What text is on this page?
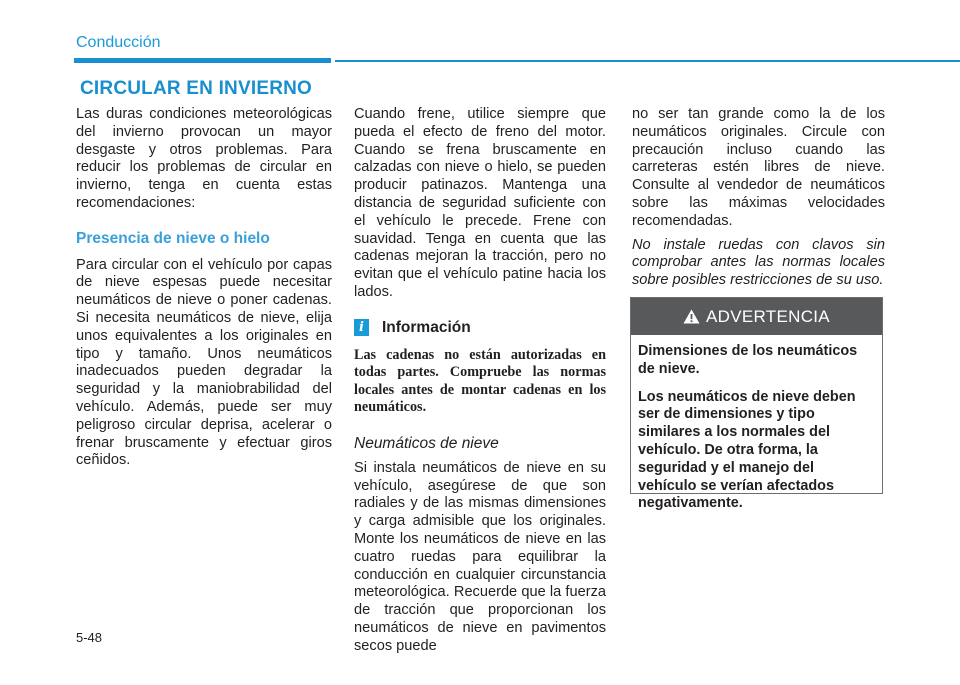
Conducción
CIRCULAR EN INVIERNO

Las duras condiciones meteorológicas del invierno provocan un mayor desgaste y otros problemas. Para reducir los problemas de circular en invierno, tenga en cuenta estas recomendaciones:

Presencia de nieve o hielo

Para circular con el vehículo por capas de nieve espesas puede necesitar neumáticos de nieve o poner cadenas. Si necesita neumáticos de nieve, elija unos equivalentes a los originales en tipo y tamaño. Unos neumáticos inadecuados pueden degradar la seguridad y la maniobrabilidad del vehículo. Además, puede ser muy peligroso circular deprisa, acelerar o frenar bruscamente y efectuar giros ceñidos.

Cuando frene, utilice siempre que pueda el efecto de freno del motor. Cuando se frena bruscamente en calzadas con nieve o hielo, se pueden producir patinazos. Mantenga una distancia de seguridad suficiente con el vehículo le precede. Frene con suavidad. Tenga en cuenta que las cadenas mejoran la tracción, pero no evitan que el vehículo patine hacia los lados.

i	Información
Las cadenas no están autorizadas en todas partes. Compruebe las normas locales antes de montar cadenas en los neumáticos.
Neumáticos de nieve

Si instala neumáticos de nieve en su vehículo, asegúrese de que son radiales y de las mismas dimensiones y carga admisible que los originales. Monte los neumáticos de nieve en las cuatro ruedas para equilibrar la conducción en cualquier circunstancia meteorológica. Recuerde que la fuerza de tracción que proporcionan los neumáticos de nieve en pavimentos secos puede

no ser tan grande como la de los neumáticos originales. Circule con precaución incluso cuando las carreteras estén libres de nieve. Consulte al vendedor de neumáticos sobre las máximas velocidades recomendadas.

No instale ruedas con clavos sin comprobar antes las normas locales sobre posibles restricciones de su uso.

ADVERTENCIA

Dimensiones de los neumáticos de nieve.

Los neumáticos de nieve deben ser de dimensiones y tipo similares a los normales del vehículo. De otra forma, la seguridad y el manejo del vehículo se verían afectados negativamente.

5-48
